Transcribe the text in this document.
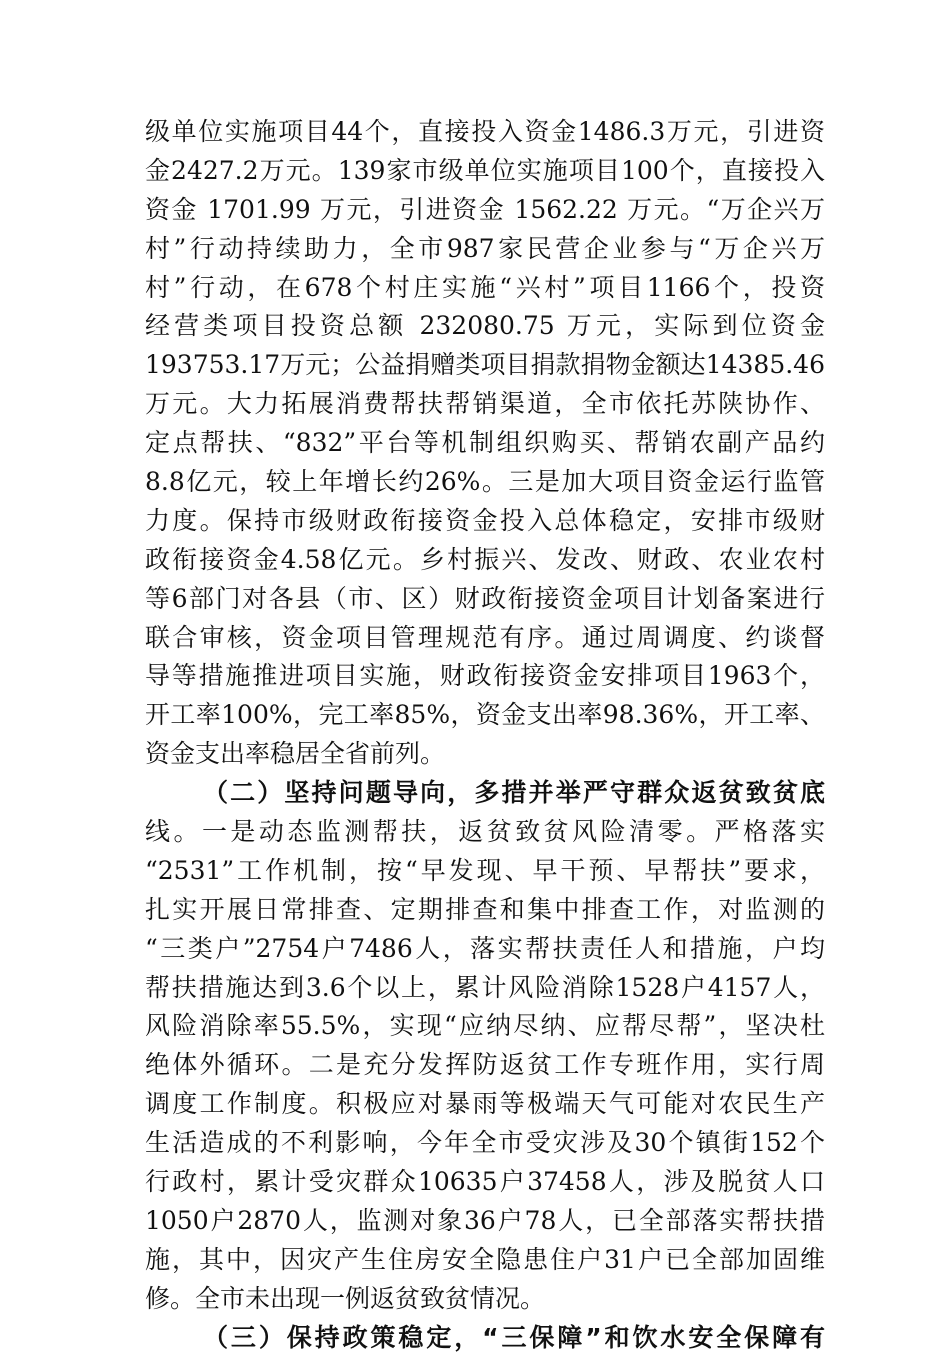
级单位实施项目44个，直接投入资金1486.3万元，引进资
金2427.2万元。139家市级单位实施项目100个，直接投入
资金 1701.99 万元，引进资金 1562.22 万元。“万企兴万
村”行动持续助力，全市987家民营企业参与“万企兴万
村”行动，在678个村庄实施“兴村”项目1166个，投资
经营类项目投资总额 232080.75 万元，实际到位资金
193753.17万元；公益捐赠类项目捐款捐物金额达14385.46
万元。大力拓展消费帮扶帮销渠道，全市依托苏陕协作、
定点帮扶、“832”平台等机制组织购买、帮销农副产品约
8.8亿元，较上年增长约26%。三是加大项目资金运行监管
力度。保持市级财政衔接资金投入总体稳定，安排市级财
政衔接资金4.58亿元。乡村振兴、发改、财政、农业农村
等6部门对各县（市、区）财政衔接资金项目计划备案进行
联合审核，资金项目管理规范有序。通过周调度、约谈督
导等措施推进项目实施，财政衔接资金安排项目1963个，
开工率100%，完工率85%，资金支出率98.36%，开工率、
资金支出率稳居全省前列。
（二）坚持问题导向，多措并举严守群众返贫致贫底
线。一是动态监测帮扶，返贫致贫风险清零。严格落实
“2531”工作机制，按“早发现、早干预、早帮扶”要求，
扎实开展日常排查、定期排查和集中排查工作，对监测的
“三类户”2754户7486人，落实帮扶责任人和措施，户均
帮扶措施达到3.6个以上，累计风险消除1528户4157人，
风险消除率55.5%，实现“应纳尽纳、应帮尽帮”，坚决杜
绝体外循环。二是充分发挥防返贫工作专班作用，实行周
调度工作制度。积极应对暴雨等极端天气可能对农民生产
生活造成的不利影响，今年全市受灾涉及30个镇街152个
行政村，累计受灾群众10635户37458人，涉及脱贫人口
1050户2870人，监测对象36户78人，已全部落实帮扶措
施，其中，因灾产生住房安全隐患住户31户已全部加固维
修。全市未出现一例返贫致贫情况。
（三）保持政策稳定，“三保障”和饮水安全保障有
